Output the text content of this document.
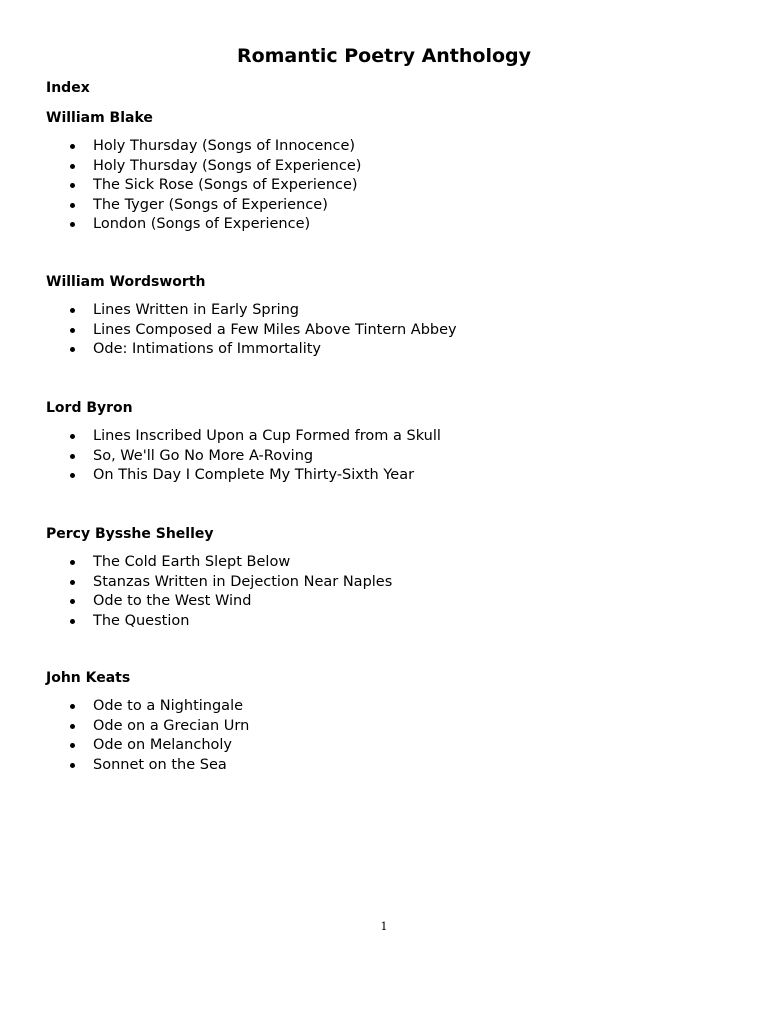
Romantic Poetry Anthology
Index
William Blake
Holy Thursday (Songs of Innocence)
Holy Thursday (Songs of Experience)
The Sick Rose (Songs of Experience)
The Tyger (Songs of Experience)
London (Songs of Experience)
William Wordsworth
Lines Written in Early Spring
Lines Composed a Few Miles Above Tintern Abbey
Ode: Intimations of Immortality
Lord Byron
Lines Inscribed Upon a Cup Formed from a Skull
So, We'll Go No More A-Roving
On This Day I Complete My Thirty-Sixth Year
Percy Bysshe Shelley
The Cold Earth Slept Below
Stanzas Written in Dejection Near Naples
Ode to the West Wind
The Question
John Keats
Ode to a Nightingale
Ode on a Grecian Urn
Ode on Melancholy
Sonnet on the Sea
1
